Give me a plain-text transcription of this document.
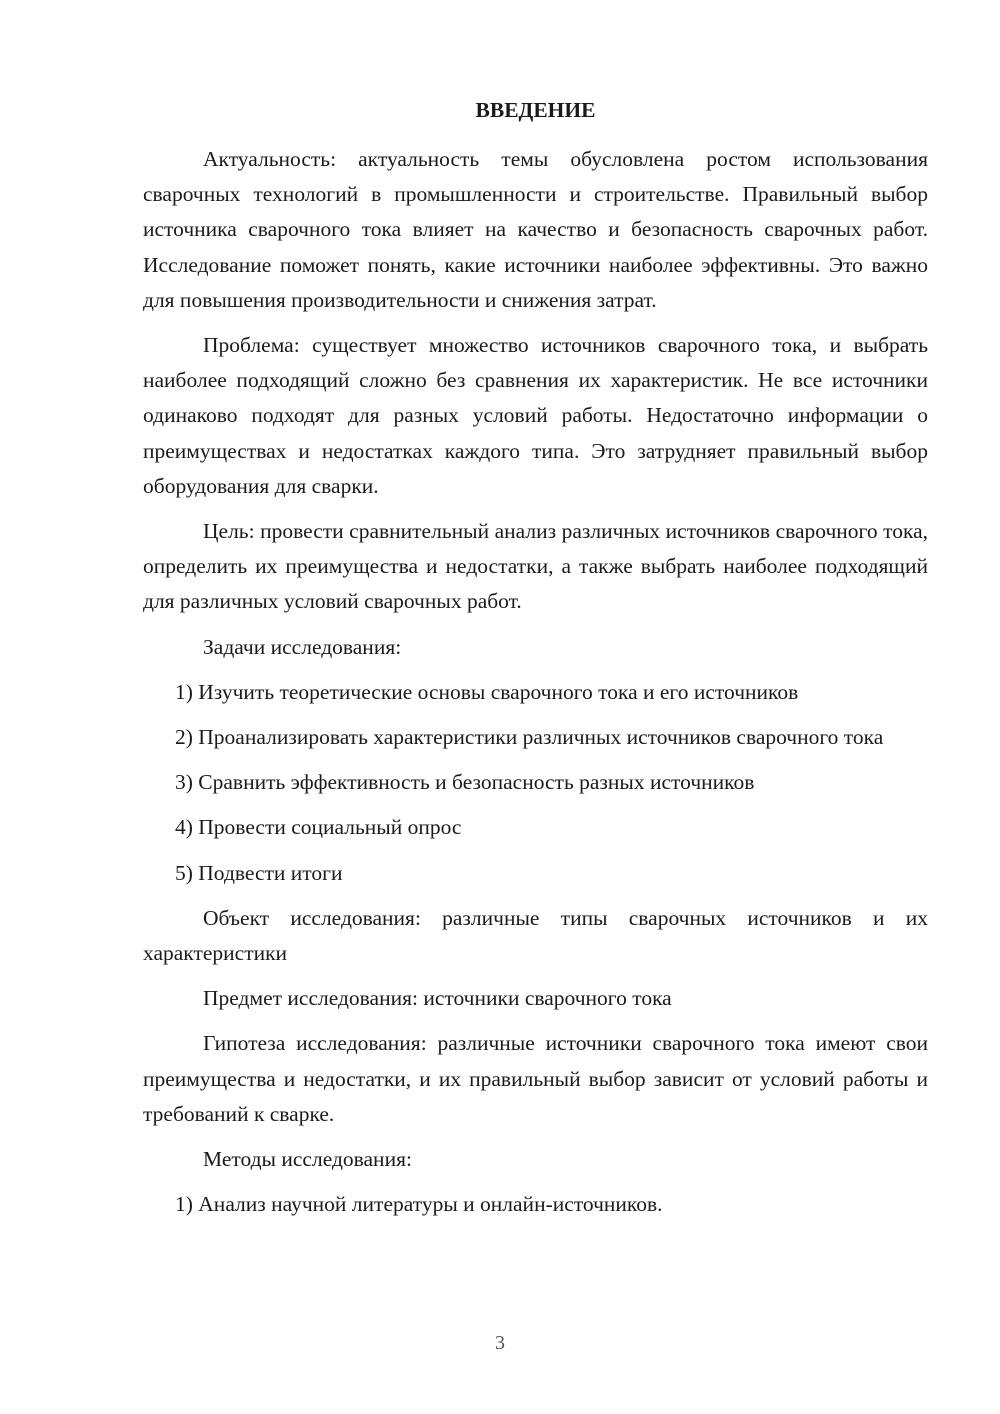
ВВЕДЕНИЕ

Актуальность: актуальность темы обусловлена ростом использования сварочных технологий в промышленности и строительстве. Правильный выбор источника сварочного тока влияет на качество и безопасность сварочных работ. Исследование поможет понять, какие источники наиболее эффективны. Это важно для повышения производительности и снижения затрат.

Проблема: существует множество источников сварочного тока, и выбрать наиболее подходящий сложно без сравнения их характеристик. Не все источники одинаково подходят для разных условий работы. Недостаточно информации о преимуществах и недостатках каждого типа. Это затрудняет правильный выбор оборудования для сварки.

Цель: провести сравнительный анализ различных источников сварочного тока, определить их преимущества и недостатки, а также выбрать наиболее подходящий для различных условий сварочных работ.

Задачи исследования:

1) Изучить теоретические основы сварочного тока и его источников

2) Проанализировать характеристики различных источников сварочного тока

3) Сравнить эффективность и безопасность разных источников

4) Провести социальный опрос

5) Подвести итоги

Объект исследования: различные типы сварочных источников и их характеристики

Предмет исследования: источники сварочного тока

Гипотеза исследования: различные источники сварочного тока имеют свои преимущества и недостатки, и их правильный выбор зависит от условий работы и требований к сварке.

Методы исследования:

1) Анализ научной литературы и онлайн-источников.

3
